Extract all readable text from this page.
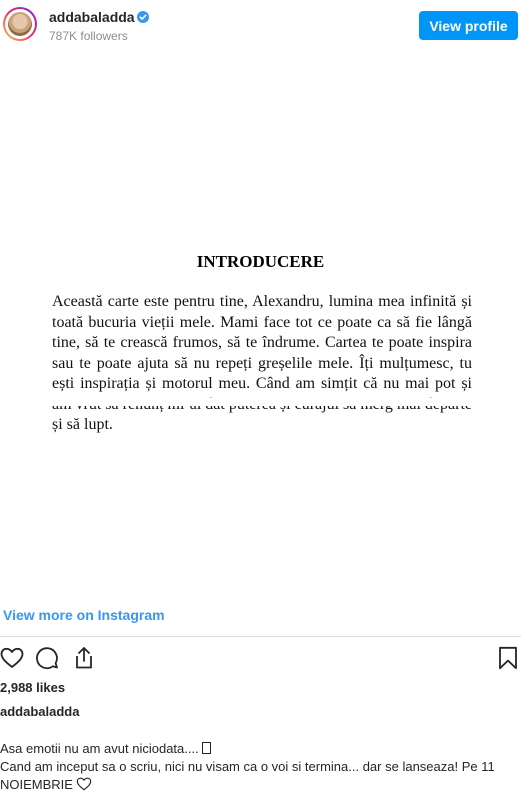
addabaladda
787K followers
View profile
INTRODUCERE
Această carte este pentru tine, Alexandru, lumina mea infinită și toată bucuria vieții mele. Mami face tot ce poate ca să fie lângă tine, să te crească frumos, să te îndrume. Cartea te poate inspira sau te poate ajuta să nu repeți greșelile mele. Îți mulțumesc, tu ești inspirația și motorul meu. Când am simțit că nu mai pot și și să lupt.
View more on Instagram
2,988 likes
addabaladda

Asa emotii nu am avut niciodata....

Cand am inceput sa o scriu, nici nu visam ca o voi si termina... dar se lanseaza! Pe 11

NOIEMBRIE
